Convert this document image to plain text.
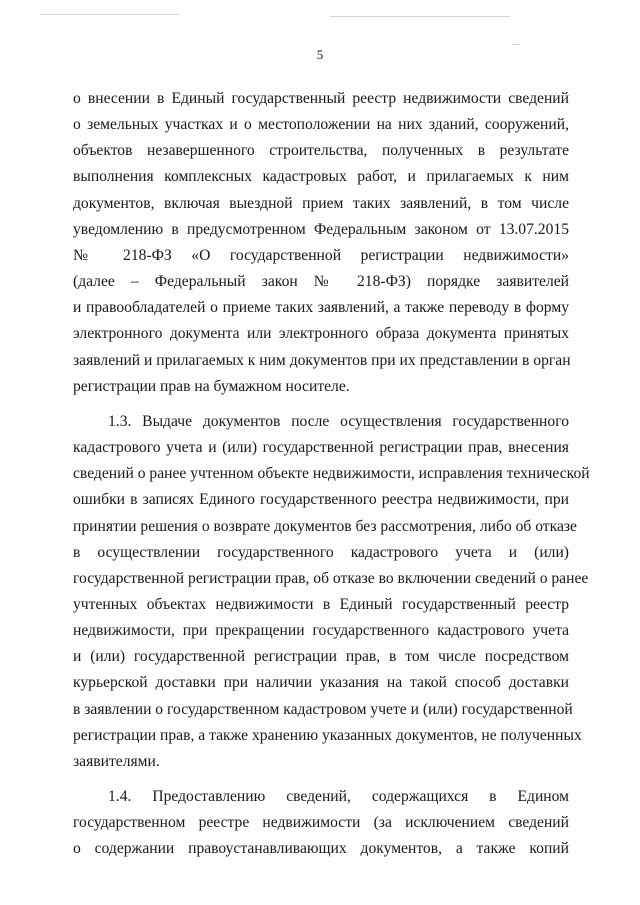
5
о внесении в Единый государственный реестр недвижимости сведений
о земельных участках и о местоположении на них зданий, сооружений,
объектов незавершенного строительства, полученных в результате
выполнения комплексных кадастровых работ, и прилагаемых к ним
документов, включая выездной прием таких заявлений, в том числе
уведомлению в предусмотренном Федеральным законом от 13.07.2015
№ 218-ФЗ «О государственной регистрации недвижимости»
(далее – Федеральный закон № 218-ФЗ) порядке заявителей
и правообладателей о приеме таких заявлений, а также переводу в форму
электронного документа или электронного образа документа принятых
заявлений и прилагаемых к ним документов при их представлении в орган
регистрации прав на бумажном носителе.
1.3. Выдаче документов после осуществления государственного
кадастрового учета и (или) государственной регистрации прав, внесения
сведений о ранее учтенном объекте недвижимости, исправления технической
ошибки в записях Единого государственного реестра недвижимости, при
принятии решения о возврате документов без рассмотрения, либо об отказе
в осуществлении государственного кадастрового учета и (или)
государственной регистрации прав, об отказе во включении сведений о ранее
учтенных объектах недвижимости в Единый государственный реестр
недвижимости, при прекращении государственного кадастрового учета
и (или) государственной регистрации прав, в том числе посредством
курьерской доставки при наличии указания на такой способ доставки
в заявлении о государственном кадастровом учете и (или) государственной
регистрации прав, а также хранению указанных документов, не полученных
заявителями.
1.4. Предоставлению сведений, содержащихся в Едином
государственном реестре недвижимости (за исключением сведений
о содержании правоустанавливающих документов, а также копий
